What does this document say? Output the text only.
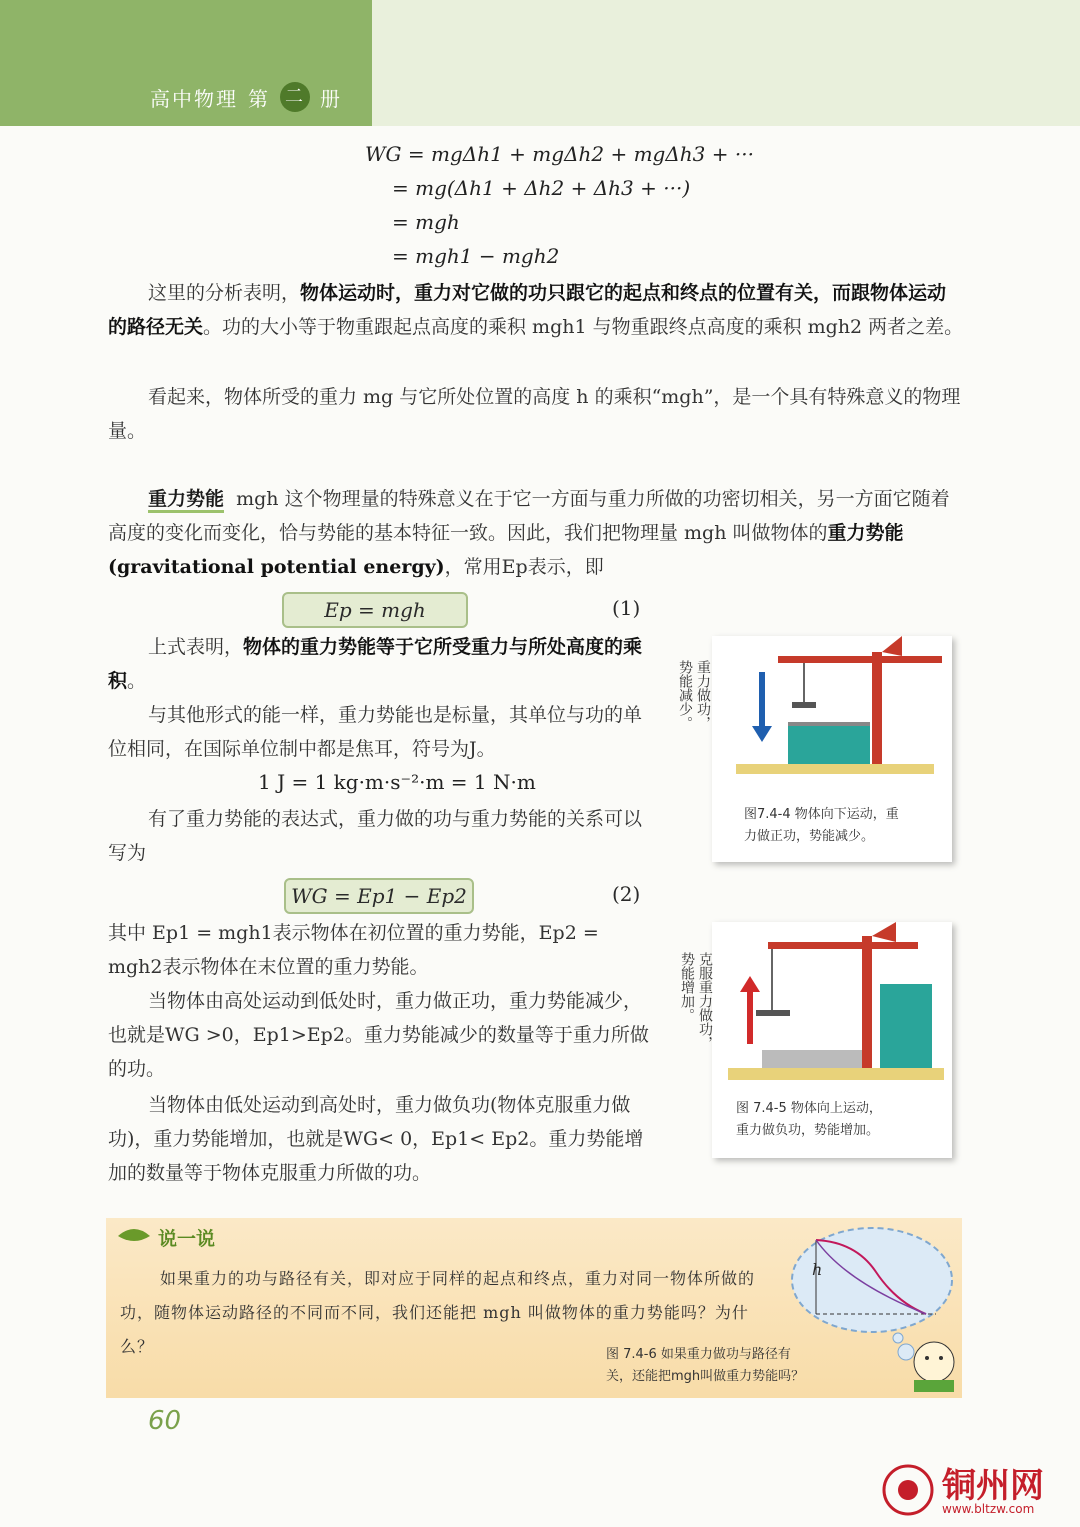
高中物理 第 二 册
WG = mgΔh1 + mgΔh2 + mgΔh3 + ···
= mg(Δh1 + Δh2 + Δh3 + ···)
= mgh
= mgh1 − mgh2
这里的分析表明，物体运动时，重力对它做的功只跟它的起点和终点的位置有关，而跟物体运动的路径无关。功的大小等于物重跟起点高度的乘积 mgh1 与物重跟终点高度的乘积 mgh2 两者之差。
看起来，物体所受的重力 mg 与它所处位置的高度 h 的乘积“mgh”，是一个具有特殊意义的物理量。
重力势能 mgh 这个物理量的特殊意义在于它一方面与重力所做的功密切相关，另一方面它随着高度的变化而变化，恰与势能的基本特征一致。因此，我们把物理量 mgh 叫做物体的重力势能(gravitational potential energy)，常用Ep表示，即
Ep = mgh	(1)
上式表明，物体的重力势能等于它所受重力与所处高度的乘积。
与其他形式的能一样，重力势能也是标量，其单位与功的单位相同，在国际单位制中都是焦耳，符号为J。
1 J = 1 kg·m·s⁻²·m = 1 N·m
有了重力势能的表达式，重力做的功与重力势能的关系可以写为
WG = Ep1 − Ep2	(2)
其中 Ep1 = mgh1表示物体在初位置的重力势能，Ep2 = mgh2表示物体在末位置的重力势能。
当物体由高处运动到低处时，重力做正功，重力势能减少，也就是WG >0，Ep1>Ep2。重力势能减少的数量等于重力所做的功。
当物体由低处运动到高处时，重力做负功(物体克服重力做功)，重力势能增加，也就是WG< 0，Ep1< Ep2。重力势能增加的数量等于物体克服重力所做的功。
重力做功，
势能减少。
图7.4-4 物体向下运动，重
力做正功，势能减少。
克服重力做功，
势能增加。
图 7.4-5 物体向上运动，
重力做负功，势能增加。
说一说
如果重力的功与路径有关，即对应于同样的起点和终点，重力对同一物体所做的功，随物体运动路径的不同而不同，我们还能把 mgh 叫做物体的重力势能吗？为什么？
h
图 7.4-6 如果重力做功与路径有
关，还能把mgh叫做重力势能吗？
60
铜州网
www.bltzw.com
